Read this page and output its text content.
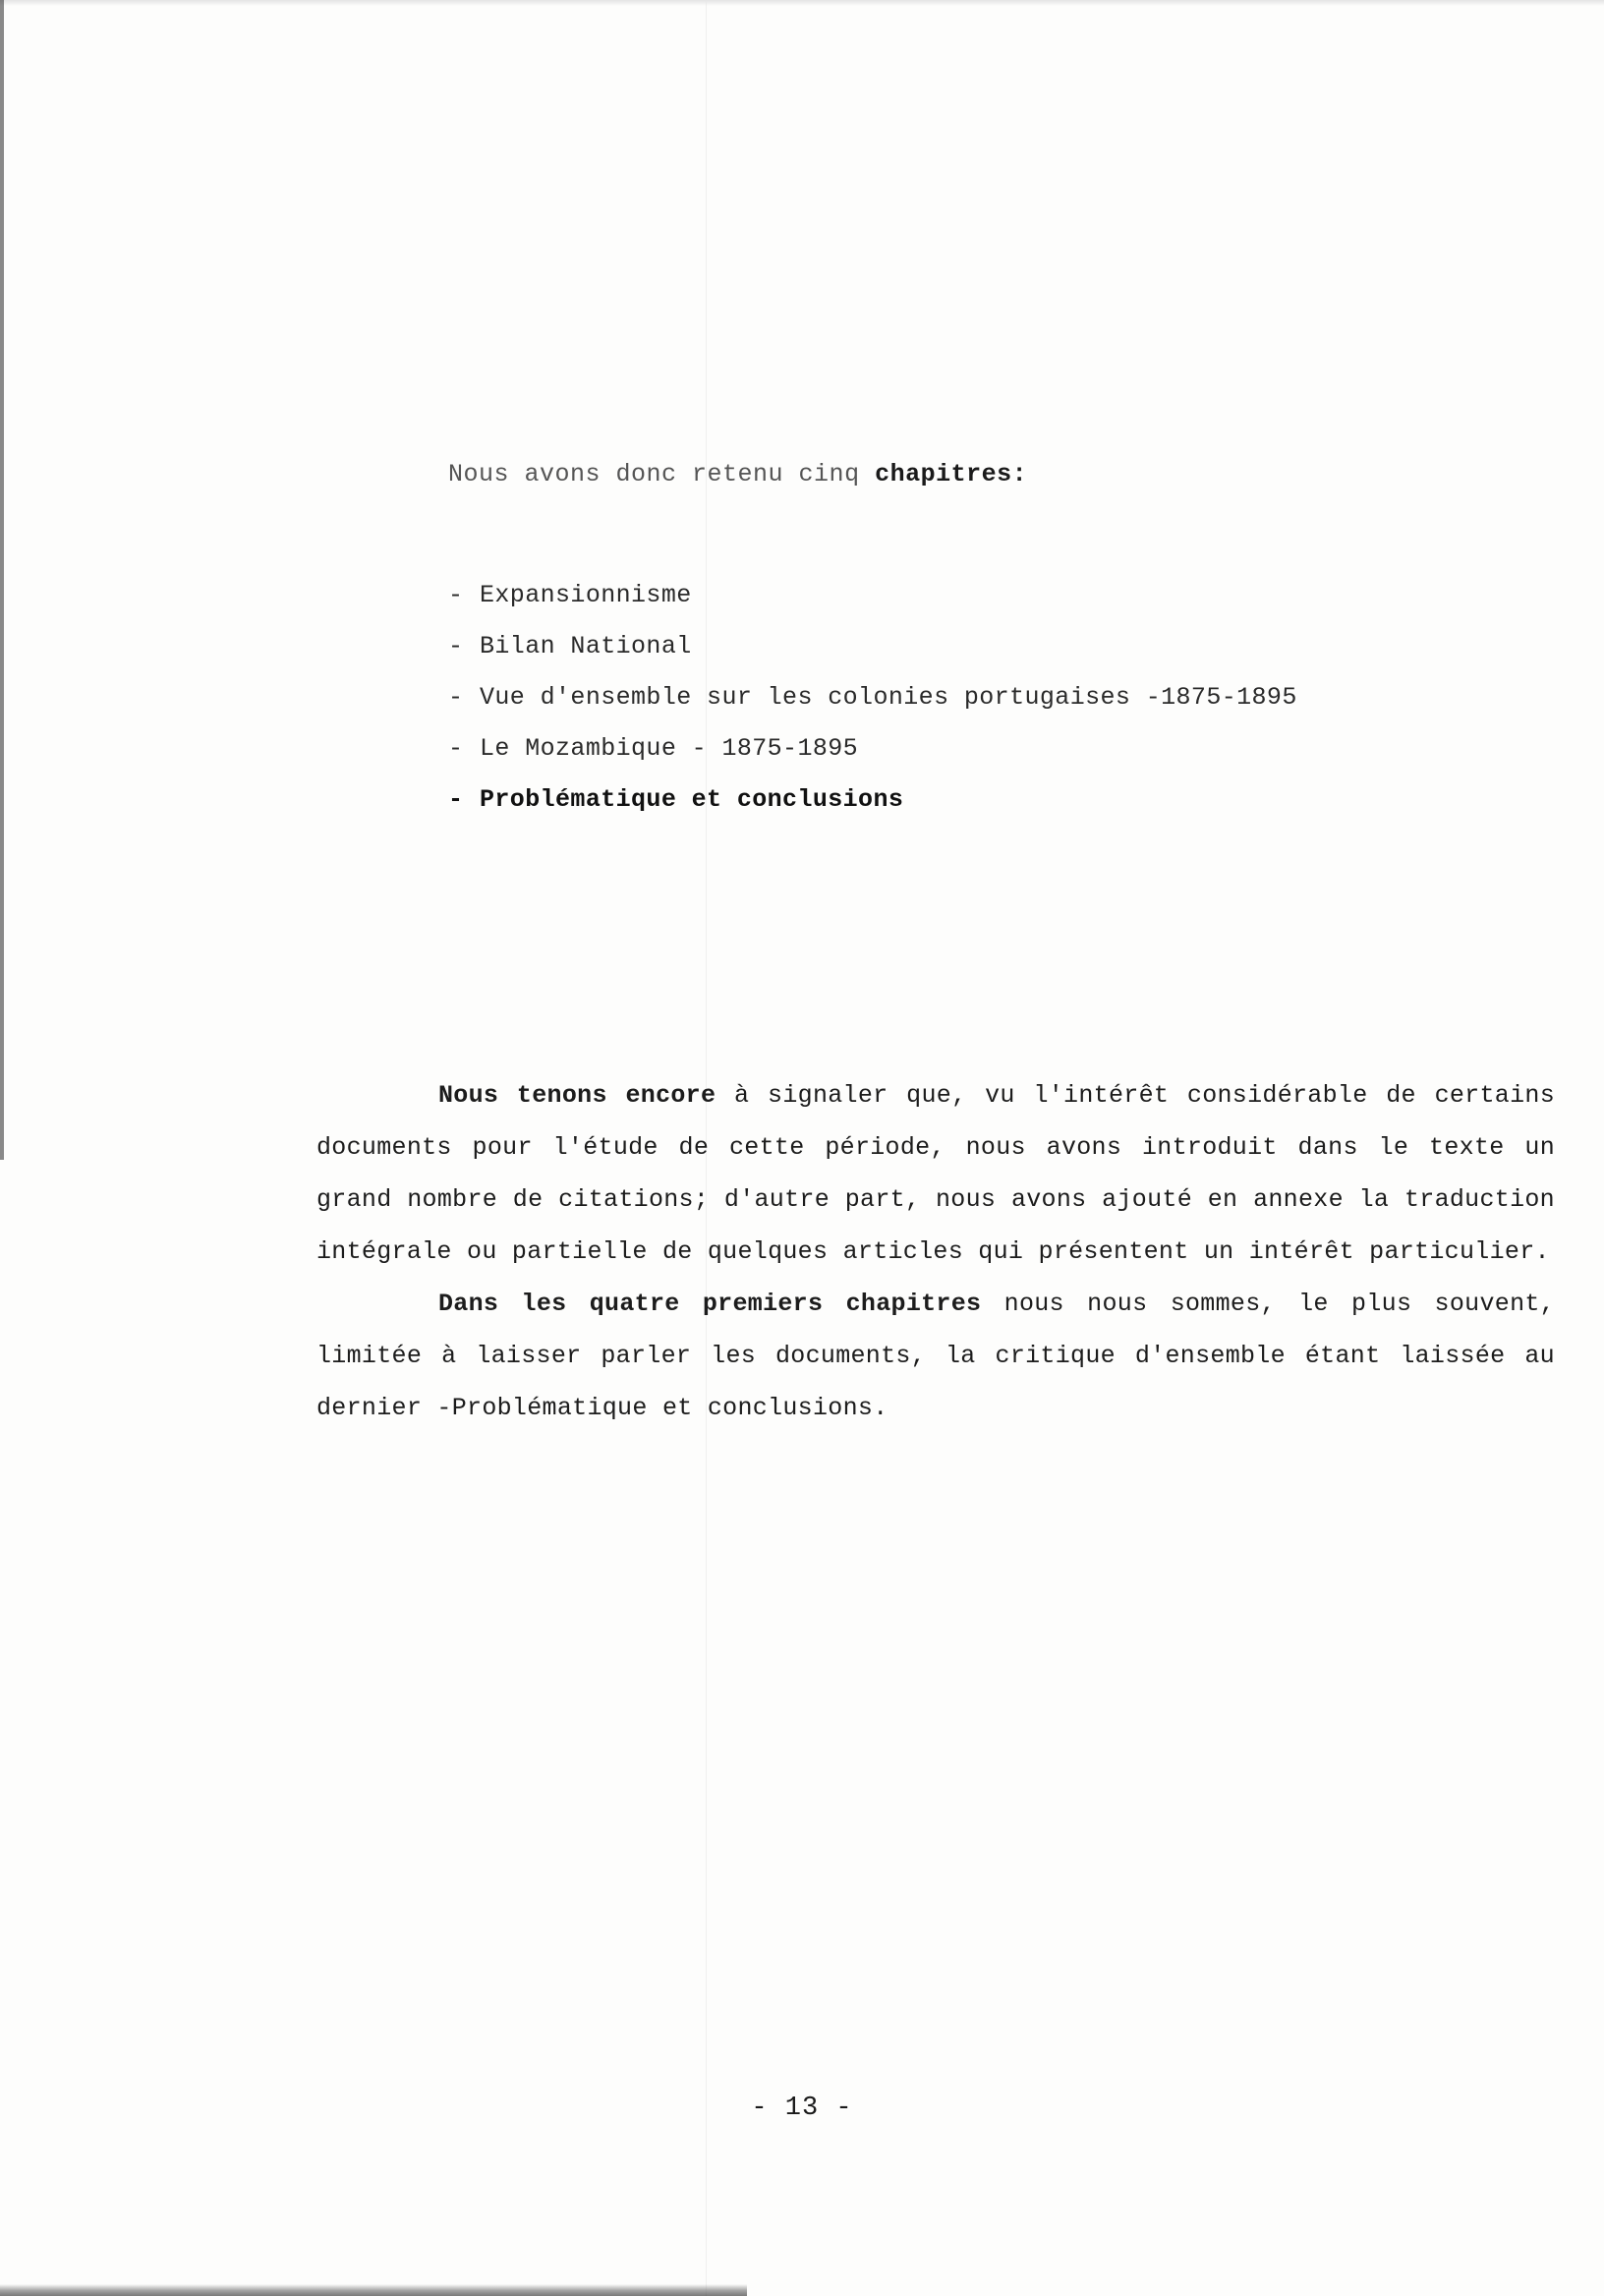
Nous avons donc retenu cinq chapitres:
- Expansionnisme
- Bilan National
- Vue d'ensemble sur les colonies portugaises -1875-1895
- Le Mozambique - 1875-1895
- Problématique et conclusions

Nous tenons encore à signaler que, vu l'intérêt considérable de certains documents pour l'étude de cette période, nous avons introduit dans le texte un grand nombre de citations; d'autre part, nous avons ajouté en annexe la traduction intégrale ou partielle de quelques articles qui présentent un intérêt particulier.

Dans les quatre premiers chapitres nous nous sommes, le plus souvent, limitée à laisser parler les documents, la critique d'ensemble étant laissée au dernier -Problématique et conclusions.

- 13 -
